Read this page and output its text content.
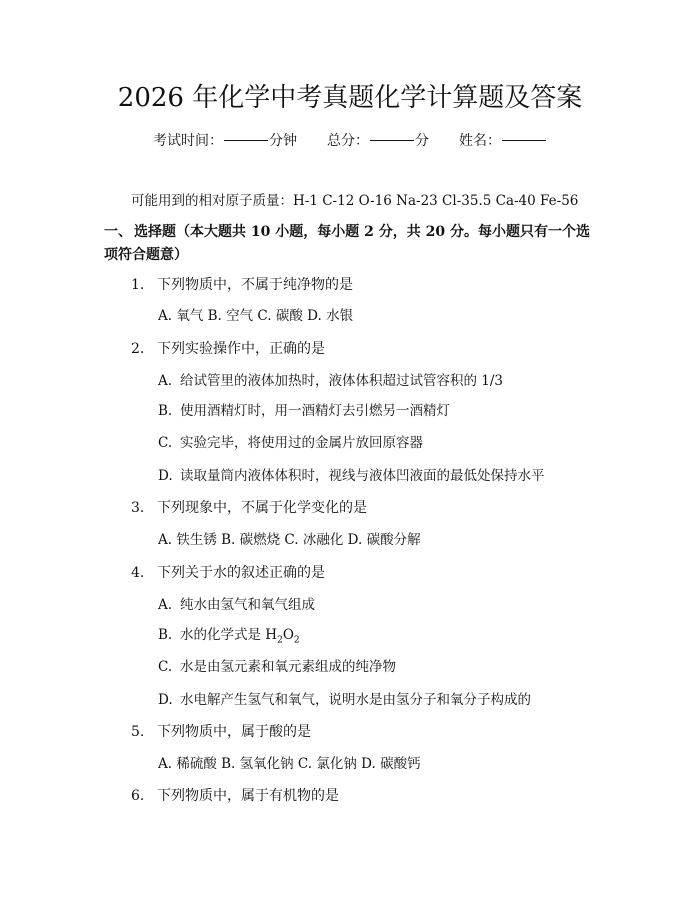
2026 年化学中考真题化学计算题及答案
考试时间：	分钟 总分：	分 姓名：
可能用到的相对原子质量：H-1 C-12 O-16 Na-23 Cl-35.5 Ca-40 Fe-56
一、 选择题（本大题共 10 小题，每小题 2 分，共 20 分。每小题只有一个选项符合题意）
1. 下列物质中，不属于纯净物的是
A. 氧气 B. 空气 C. 碳酸 D. 水银
2. 下列实验操作中，正确的是
A. 给试管里的液体加热时，液体体积超过试管容积的 1/3
B. 使用酒精灯时，用一酒精灯去引燃另一酒精灯
C. 实验完毕，将使用过的金属片放回原容器
D. 读取量筒内液体体积时，视线与液体凹液面的最低处保持水平
3. 下列现象中，不属于化学变化的是
A. 铁生锈 B. 碳燃烧 C. 冰融化 D. 碳酸分解
4. 下列关于水的叙述正确的是
A. 纯水由氢气和氧气组成
B. 水的化学式是 $H_2O_2$
C. 水是由氢元素和氧元素组成的纯净物
D. 水电解产生氢气和氧气，说明水是由氢分子和氧分子构成的
5. 下列物质中，属于酸的是
A. 稀硫酸 B. 氢氧化钠 C. 氯化钠 D. 碳酸钙
6. 下列物质中，属于有机物的是
